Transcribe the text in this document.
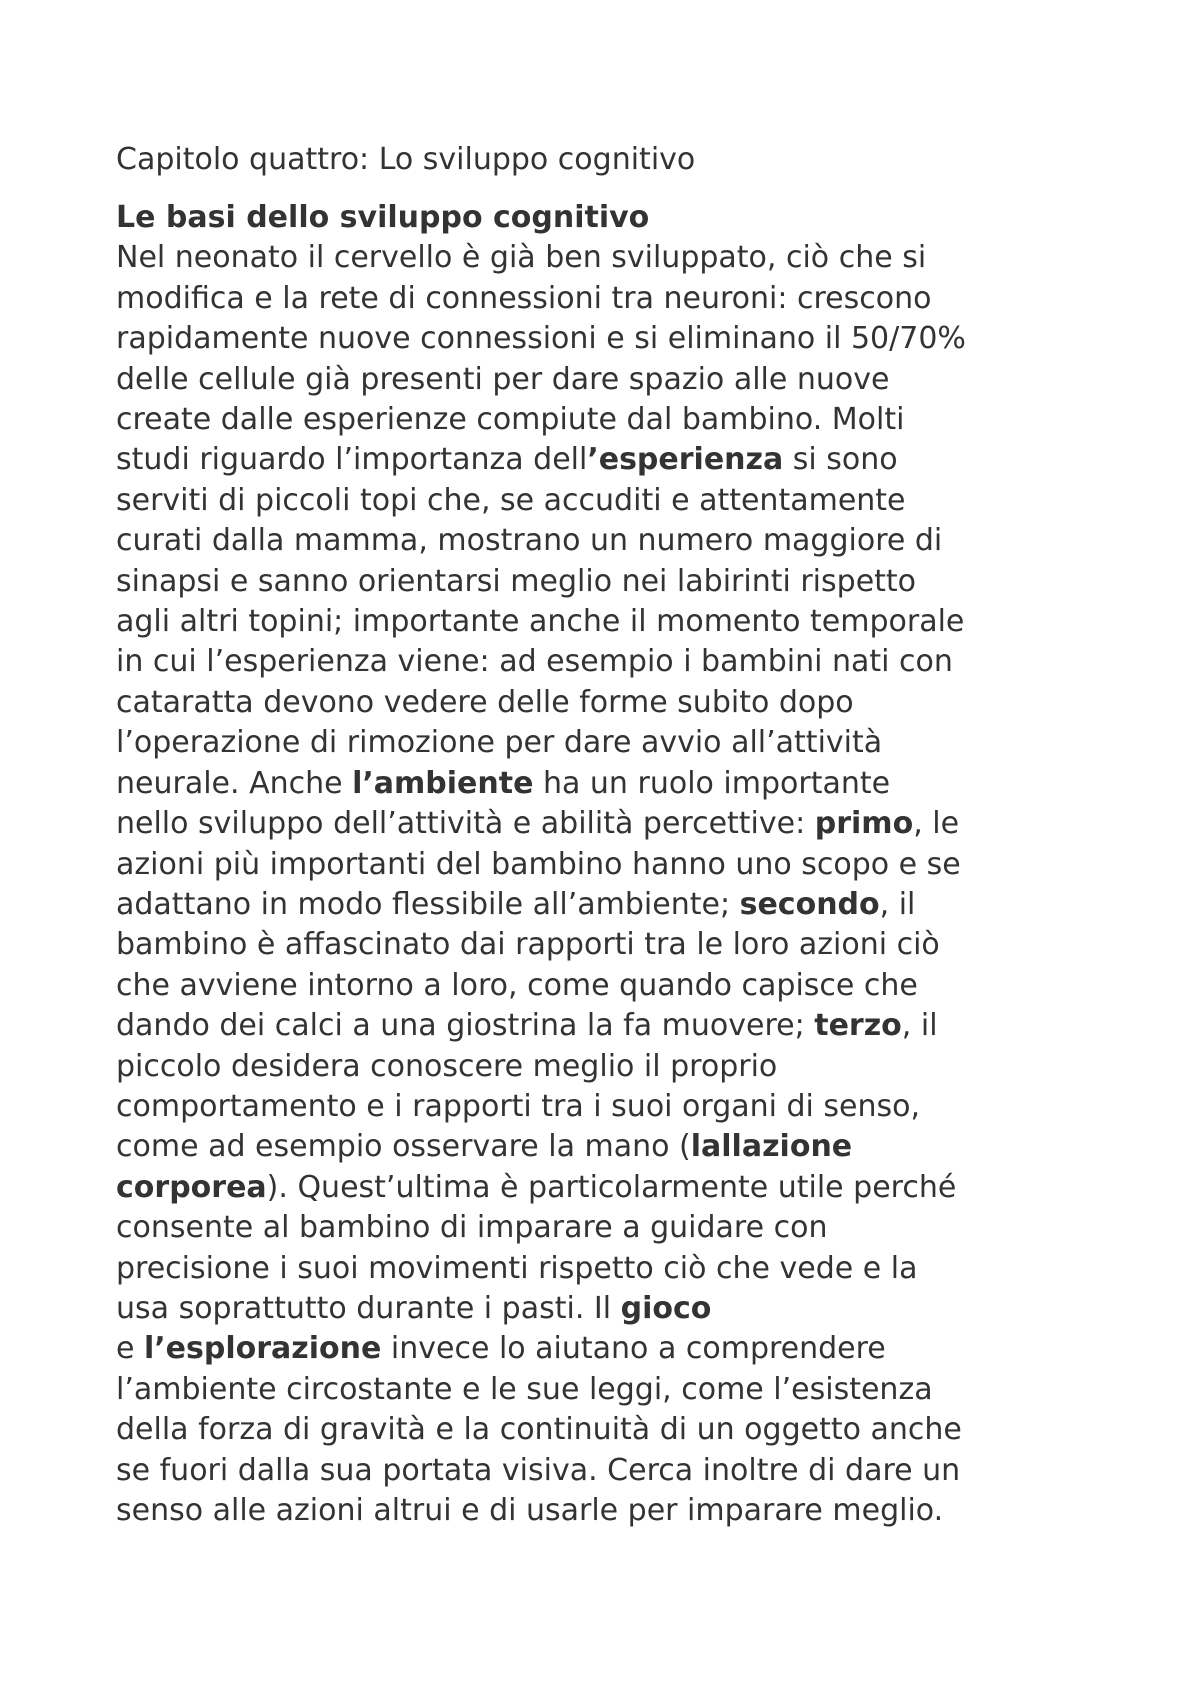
Capitolo quattro: Lo sviluppo cognitivo
Le basi dello sviluppo cognitivo
Nel neonato il cervello è già ben sviluppato, ciò che si
modifica e la rete di connessioni tra neuroni: crescono
rapidamente nuove connessioni e si eliminano il 50/70%
delle cellule già presenti per dare spazio alle nuove
create dalle esperienze compiute dal bambino. Molti
studi riguardo l’importanza dell’esperienza si sono
serviti di piccoli topi che, se accuditi e attentamente
curati dalla mamma, mostrano un numero maggiore di
sinapsi e sanno orientarsi meglio nei labirinti rispetto
agli altri topini; importante anche il momento temporale
in cui l’esperienza viene: ad esempio i bambini nati con
cataratta devono vedere delle forme subito dopo
l’operazione di rimozione per dare avvio all’attività
neurale. Anche l’ambiente ha un ruolo importante
nello sviluppo dell’attività e abilità percettive: primo, le
azioni più importanti del bambino hanno uno scopo e se
adattano in modo flessibile all’ambiente; secondo, il
bambino è affascinato dai rapporti tra le loro azioni ciò
che avviene intorno a loro, come quando capisce che
dando dei calci a una giostrina la fa muovere; terzo, il
piccolo desidera conoscere meglio il proprio
comportamento e i rapporti tra i suoi organi di senso,
come ad esempio osservare la mano (lallazione
corporea). Quest’ultima è particolarmente utile perché
consente al bambino di imparare a guidare con
precisione i suoi movimenti rispetto ciò che vede e la
usa soprattutto durante i pasti. Il gioco
e l’esplorazione invece lo aiutano a comprendere
l’ambiente circostante e le sue leggi, come l’esistenza
della forza di gravità e la continuità di un oggetto anche
se fuori dalla sua portata visiva. Cerca inoltre di dare un
senso alle azioni altrui e di usarle per imparare meglio.
